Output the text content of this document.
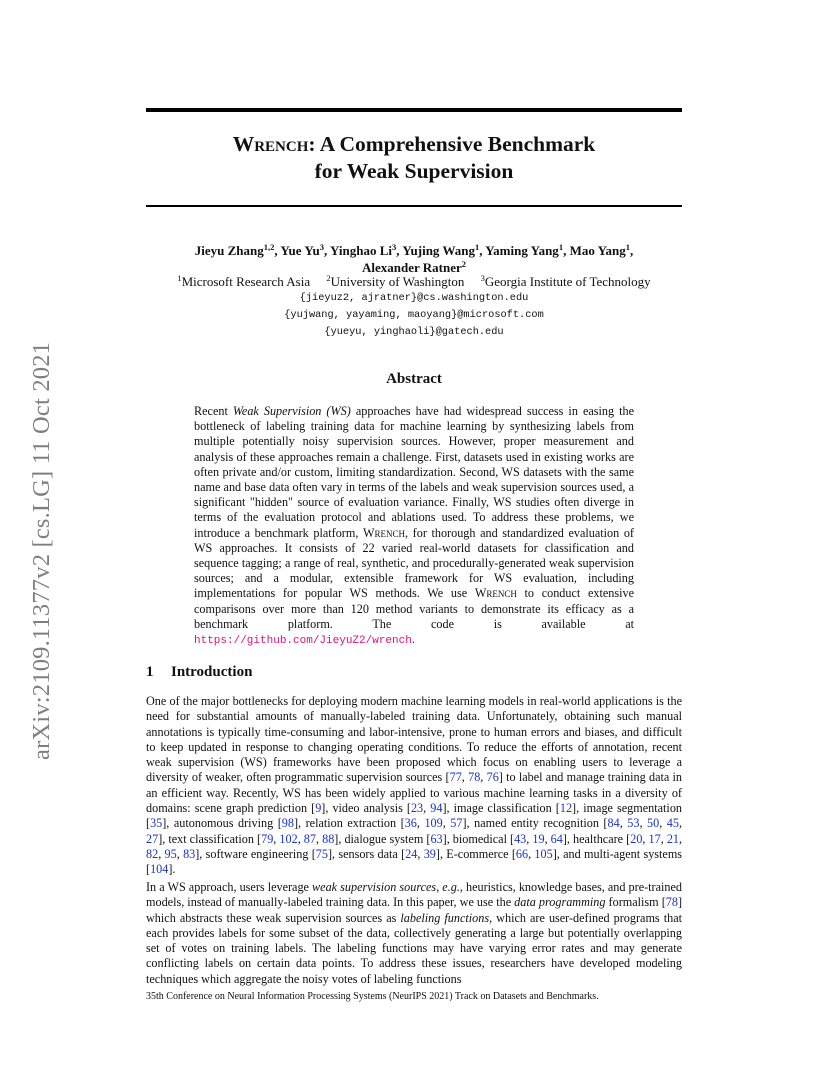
arXiv:2109.11377v2 [cs.LG] 11 Oct 2021
Wrench: A Comprehensive Benchmark
for Weak Supervision
Jieyu Zhang$^{1,2}$, Yue Yu$^3$, Yinghao Li$^3$, Yujing Wang$^1$, Yaming Yang$^1$, Mao Yang$^1$,
Alexander Ratner$^2$
$^1$Microsoft Research Asia $^2$University of Washington $^3$Georgia Institute of Technology
{jieyuz2, ajratner}@cs.washington.edu
{yujwang, yayaming, maoyang}@microsoft.com
{yueyu, yinghaoli}@gatech.edu
Abstract
Recent Weak Supervision (WS) approaches have had widespread success in easing the bottleneck of labeling training data for machine learning by synthesizing labels from multiple potentially noisy supervision sources. However, proper measurement and analysis of these approaches remain a challenge. First, datasets used in existing works are often private and/or custom, limiting standardization. Second, WS datasets with the same name and base data often vary in terms of the labels and weak supervision sources used, a significant "hidden" source of evaluation variance. Finally, WS studies often diverge in terms of the evaluation protocol and ablations used. To address these problems, we introduce a benchmark platform, Wrench, for thorough and standardized evaluation of WS approaches. It consists of 22 varied real-world datasets for classification and sequence tagging; a range of real, synthetic, and procedurally-generated weak supervision sources; and a modular, extensible framework for WS evaluation, including implementations for popular WS methods. We use Wrench to conduct extensive comparisons over more than 120 method variants to demonstrate its efficacy as a benchmark platform. The code is available at https://github.com/JieyuZ2/wrench.
1 Introduction
One of the major bottlenecks for deploying modern machine learning models in real-world applications is the need for substantial amounts of manually-labeled training data. Unfortunately, obtaining such manual annotations is typically time-consuming and labor-intensive, prone to human errors and biases, and difficult to keep updated in response to changing operating conditions. To reduce the efforts of annotation, recent weak supervision (WS) frameworks have been proposed which focus on enabling users to leverage a diversity of weaker, often programmatic supervision sources [77, 78, 76] to label and manage training data in an efficient way. Recently, WS has been widely applied to various machine learning tasks in a diversity of domains: scene graph prediction [9], video analysis [23, 94], image classification [12], image segmentation [35], autonomous driving [98], relation extraction [36, 109, 57], named entity recognition [84, 53, 50, 45, 27], text classification [79, 102, 87, 88], dialogue system [63], biomedical [43, 19, 64], healthcare [20, 17, 21, 82, 95, 83], software engineering [75], sensors data [24, 39], E-commerce [66, 105], and multi-agent systems [104].
In a WS approach, users leverage weak supervision sources, e.g., heuristics, knowledge bases, and pre-trained models, instead of manually-labeled training data. In this paper, we use the data programming formalism [78] which abstracts these weak supervision sources as labeling functions, which are user-defined programs that each provides labels for some subset of the data, collectively generating a large but potentially overlapping set of votes on training labels. The labeling functions may have varying error rates and may generate conflicting labels on certain data points. To address these issues, researchers have developed modeling techniques which aggregate the noisy votes of labeling functions
35th Conference on Neural Information Processing Systems (NeurIPS 2021) Track on Datasets and Benchmarks.
